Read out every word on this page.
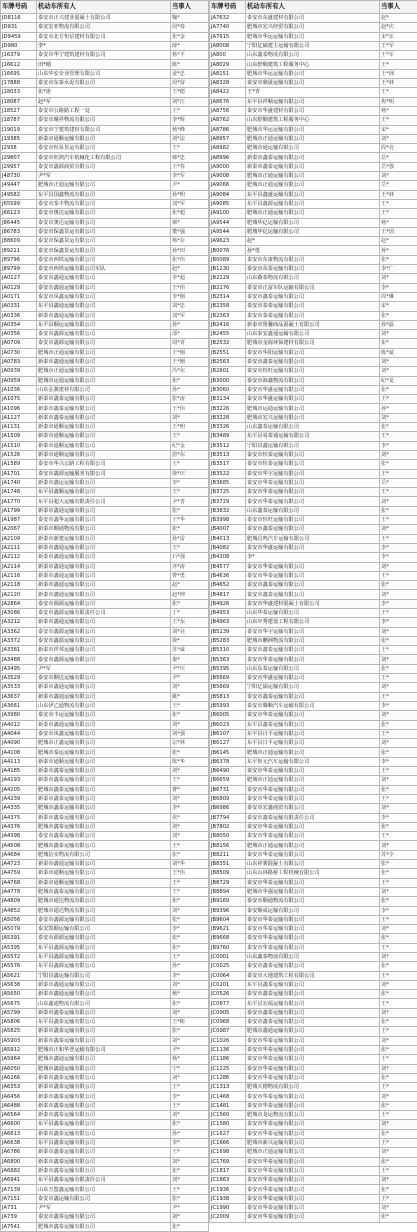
车牌号码	机动车所有人	当事人
JD8116	泰安市正兴建业混凝土有限公司	鞠*
JD931	泰安宏亚物流有限公司	周*春
JD9459	泰安市北方恒信建材有限公司	张*金
JD980	李*	薛*
J16379	泰安市华宁建筑建材有限公司	杨*平
J16612	田*刚	陈*
J16695	山东华安企业管理有限公司	姜*忠
J17888	泰安市东泰水泥有限公司	周*富
J18033	张*涛	王*德
J18087	赵*军	刘*江
J18527	泰安市公路路工程一处	王*
J18787	泰安市聚祥物流有限公司	李*辉
J19019	泰安市宁建筑建材有限公司	杨*峰
J19385	新泰市通顺运输有限公司	刘*法
J2938	泰安市恒易货运有限公司	王*
J29807	泰安市旺鸿汽车机械化工程有限公司	韩*忠
J29957	泰安市鑫源商贸有限公司	王*春
J48730	尹*军	李*军
J49447	肥城市正通运输有限公司	尹*
J49582	东平县国鑫物流有限公司	孙*明
J65599	泰安市泰丰物流有限公司	刘*军
J66123	泰安市奥达运输有限公司	张*超
J86445	泰安市奥达运输有限公司	郝*
J86783	泰安市保鑫货运有限公司	董*强
J88609	泰安市保鑫货运有限公司	杨*存
J89211	泰安市保鑫货运有限公司	孙*田
J89796	泰安市西铁运输有限公司	张*伟
J89799	泰安市西铁运输有限公司车队	赵*
JA0127	泰安市鑫通运输有限公司	李*超
JA0129	泰安市鑫通运输有限公司	王*伟
JA0171	泰安市凤鑫运输有限公司	李*刚
JA0331	东平县鑫通运输有限公司	刘*忠
JA0336	新泰市鑫通运输有限公司	刘*军
JA0354	东平县顺运运输有限公司	孙*
JA0356	泰安市鑫源运输有限公司	邵*
JA0709	泰安市鑫源运输有限公司	周*青
JA0730	肥城市正通运输有限公司	王*刚
JA0783	新泰市鑫通运输有限公司	王*刚
JA0939	肥城市正通运输有限公司	冯*东
JA0959	肥城市运通运输有限公司	张*
JA1036	山东弘翼建材有限公司	孙*
JA1075	新泰市鑫泰运输有限公司	张*涛
JA1096	新泰市鑫泰运输有限公司	王*伟
JA1127	新泰市鑫泰运输有限公司	刘*
JA1131	新泰市通顺运输有限公司	王*明
JA1509	新泰市通顺运输有限公司	王*
JA1510	新泰市通顺运输有限公司	纪*金
JA1526	新泰市通顺运输有限公司	唐*东
JA1589	泰安市华兴公路工程有限公司	王*
JA1701	泰安市鑫源运输服务有限公司	徐*庆
JA1740	新泰市鑫运运输有限公司	李*
JA1748	东平县鑫顺运输有限公司	王*
JA1770	东平县超大运输有限责任公司	尹*青
JA1799	新泰市鑫通运输有限公司	张*
JA1987	泰安市鑫华运输有限公司	王*华
JA2067	新泰市顺通物流有限公司	张*
JA2109	新泰市新建运输有限公司	孙*雷
JA2111	新泰市鑫通运输有限公司	王*
JA2112	新泰市鑫通运输有限公司	石*强
JA2114	新泰市鑫通运输有限公司	齐*涛
JA2116	新泰市鑫通运输有限公司	曹*勇
JA2118	新泰市鑫通运输有限公司	赵*
JA2120	新泰市鑫通运输有限公司	赵*坤
JA2864	泰安市源源运输有限公司	张*
JA3086	泰安市鑫源运输有限责任公司	丁*
JA3212	新泰市鑫通运输有限公司	王*东
JA3362	泰安市鑫源运输有限公司	刘*亮
JA3372	泰安市鑫源运输有限公司	徐*
JA3381	新泰市祥邦运输有限公司	苏*威
JA3488	泰安市鑫源运输有限公司	秦*
JA3495	尹*军	尹*庆
JA3529	泰安市顺达运输有限公司	尹*
JA3533	新泰市鑫通运输有限公司	刘*
JA3637	新泰市鑫通运输有限公司	姚*
JA3661	山东伊乙通物流有限公司	王*
JA3980	泰安市丰运运输有限公司	张*
JA4012	新泰市鑫通运输有限公司	刘*
JA4044	泰安市凤鑫运输有限公司	刘*强
JA4090	肥城市正鑫运输有限公司	宗*林
JA4108	肥城市泰运运输有限公司	张*
JA4113	新泰市通顺运输有限公司	陈*华
JA4185	新泰市鑫泰运输有限公司	刘*
JA4193	新泰市鑫泰运输有限公司	王*
JA4205	肥城市鑫泰运输有限公司	曹*
JA4239	新泰市鑫泰运输有限公司	刘*
JA4335	肥城市鑫泰运输有限公司	李*
JA4375	新泰市鑫泰运输有限公司	侯*
JA4376	肥城市鑫泰运输有限公司	刘*
JA4398	泰安市鑫泰运输有限公司	刘*
JA4508	肥城市鑫泰运输有限公司	王*
JA4684	肥城信实物流有限公司	张*
JA4723	新泰市鑫通运输有限公司	刘*华
JA4759	新泰市通顺运输有限公司	王*伟
JA4768	新泰市通顺运输有限公司	王*
JA4778	肥城市鑫泰运输有限公司	王*
JA4809	肥城市通达物流有限公司	张*
JA4852	肥城市通达物流有限公司	刘*
JA5056	泰安市鑫源运输有限公司	张*
JA5079	泰安凯顺运输有限公司	李*
JA5391	泰安市源源运输有限公司	张*
JA5395	东平县鑫源运输有限公司	张*
JA5572	东平县鑫源运输有限公司	王*
JA5576	东平县鑫源运输有限公司	孙*
JA5621	宁阳县鑫运输有限公司	李*
JA5638	新泰市鑫通运输有限公司	刘*
JA5650	新泰市鑫通运输有限公司	杨*
JA5675	山东鑫通物流有限公司	张*
JA5799	新泰市鑫泰运输有限公司	刘*
JA5806	东平县鑫泰运输有限公司	王*彬
JA5825	新泰市鑫泰运输有限公司	张*
JA5903	新泰市鑫泰运输有限公司	刘*
JA5912	肥城市正和华普运输有限公司	尹*
JA5964	肥城市鑫通运输有限公司	杨*
JA6050	肥城市鑫通运输有限公司	宁*
JA6266	新泰市鑫泰运输有限公司	刘*
JA6353	新泰市鑫泰运输有限公司	王*
JA6456	新泰市鑫泰运输有限公司	李*
JA6488	新泰市鑫泰运输有限公司	王*
JA6564	新泰市鑫泰运输有限公司	刘*
JA6600	东平县鑫泰运输有限公司	张*
JA6613	新泰市鑫泰运输有限公司	孙*
JA6638	东平县鑫泰运输有限公司	李*
JA6786	新泰市鑫泰运输有限公司	王*
JA6800	新泰市鑫泰运输有限公司	刘*
JA6882	新泰市鑫泰运输有限公司	张*
JA6941	东平县鑫泰运输有限责任公司	刘*
JA7139	山东万盟鑫运输有限公司	王*
JA7151	泰安市鑫运输有限公司	张*
JA731	尹*军	尹*
JA739	泰安市鑫泰运输有限公司	刘*
JA7541	肥城市鑫泰运输有限公司	张*
车牌号码	机动车所有人	当事人
JA7632	泰安市东盛建材有限公司	赵*
JA7740	肥城市宏兴经贸有限公司	赵*庆
JA7915	肥城市华运运输有限公司	宋*东
JA8008	宁阳亿硕建主运输有限公司	王*军
JA800	山东鑫泰物流有限公司	王*军
JA8029	山东舒顺建筑工程服务中心	王*
JA8151	肥城市华运运输有限公司	王*洲
JA8328	泰安市鼎晟运输有限公司	王*林
JA8422	王*青	王*
JA8676	东平县祥顺运输有限公司	焦*明
JA8756	泰安市华盛建材有限公司	杨*
JA8762	山东舒顺建筑工程服务中心	王*
JA8786	肥城市华运运输有限公司	宋*
JA8957	肥城市正通运输有限公司	刘*
JA8982	肥城市通运输有限公司	段*亮
JA8996	新泰市鑫泰运输有限公司	岳*
JA9000	新泰市鑫泰运输有限公司	岳*强
JA9008	肥城市正通运输有限公司	刘*
JA9066	肥城市正通运输有限公司	岳*
JA9084	东平县鑫盛运输有限公司	王*林
JA9085	东平县鑫源运输有限公司	王*
JA9100	肥城市正通运输有限公司	王*
JA9544	肥城华亿运输有限公司	杨*
JA9544	肥城华亿运输有限公司	王*国
JA9623	赵*	赵*
JB0076	孙*勇	孙*
JB0089	泰安市东康物流有限公司	张*
JB1230	泰安市东泰运输有限公司	李*广
JB2129	山东森泰物流有限公司	刘*
JB2176	泰安市正富车队运输有限公司	李*
JB2314	泰安市鑫泰运输有限公司	周*琳
JB2358	泰安市泰泰运输有限公司	宋*
JB2363	泰安市泰泰运输有限公司	张*
JB2416	新泰市鲁馨商品混凝土有限公司	孙*磊
JB2455	山东泰安鑫通运输有限公司	刘*
JB2532	肥城市金海环保建材有限公司	崔*
JB2551	泰安市华阳运输有限公司	陈*斌
JB2563	泰安市鑫泰运输有限公司	刘*
JB2601	泰安市恒旺运输有限公司	刘*
JB3000	泰安市海鑫物流有限公司	纪*龙
JB3060	泰安市华盛运输有限公司	张*
JB3134	泰安市华盛运输有限公司	王*
JB3226	肥城市运通运输有限公司	孙*
JB3228	肥城市宏兴运输有限公司	刘*
JB3326	山东鑫泰运输有限公司	张*
JB3489	东平县易泰通运输有限公司	王*
JB3512	宁阳县鑫运输有限公司	李*
JB3513	泰安市恒泰运输有限公司	刘*
JB3517	泰安市恒泰运输有限公司	张*
JB3522	泰安市华宇运输有限公司	王*
JB3685	泰安市华泰运输有限公司	岳*
JB3725	泰安市华泰运输有限公司	王*
JB3729	泰安市华泰运输有限公司	刘*
JB3832	山东鑫泰运输有限公司	张*
JB3998	泰安市恒旺运输有限公司	王*
JB4007	泰安市鑫泰运输有限公司	刘*
JB4013	肥城昌鸣汽车运输有限公司	王*
JB4082	泰安市华盛运输有限公司	李*
JB4308	李*	李*
JB4577	泰安市华泰运输有限公司	刘*
JB4636	泰安市华泰运输有限公司	王*
JB4652	泰安市鑫泰运输有限公司	张*
JB4817	泰安市鑫泰运输有限公司	刘*
JB4926	泰安市华盛建材混凝土有限公司	李*
JB4953	山东华泰运输有限公司	王*
JB4963	山东中秀建设工程有限公司	李*
JB5139	泰安市华宇运输有限公司	刘*
JB5283	肥城市鹏洲物流有限公司	张*
JB5310	泰安市鑫泰运输有限公司	王*
JB5363	泰安市华泰运输有限公司	刘*
JB5395	山东东泰运输有限公司	张*
JB5669	泰安市华盛运输有限公司	王*
JB5669	宁阳亿硕运输有限公司	刘*
JB5813	泰安市鑫泰运输有限公司	王*
JB5993	泰安市腾顺汽车运输有限公司	李*
JB6005	泰安市华泰运输有限公司	刘*
JB6023	东平县鑫泰运输有限公司	张*
JB6107	东平县日平运输有限公司	王*
JB6127	东平县日平运输有限公司	刘*
JB6145	肥城市正通运输有限公司	张*
JB6378	东平矩元汽车运输有限公司	李*
JB6490	泰安市华泰运输有限公司	王*
JB6659	肥城市正通运输有限公司	刘*
JB6731	泰安市华泰运输有限公司	张*
JB6809	泰安市华泰运输有限公司	王*
JB6986	泰安市宏鑫商贸有限公司	刘*
JB7794	泰安市鑫泰运输有限责任公司	李*
JB7802	泰安市华泰运输有限公司	张*
JB8050	泰安市华泰运输有限公司	王*
JB8156	肥城市正通运输有限公司	刘*
JB8211	泰安市华泰运输有限公司	苏*全
JB8351	山东祥骏混凝土有限公司	张*
JB8509	山东山林路桥工程机械有限公司	张*
JB8729	泰安市华泰运输有限公司	王*
JB8894	肥城市华强运输有限公司	刘*
JB9169	泰安市顺通物流有限公司	张*
JB9396	泰安顺成运输有限公司	李*
JB9604	泰安市华泰运输有限公司	王*
JB9621	泰安市华泰运输有限公司	刘*
JB9668	泰安市华泰运输有限公司	张*
JB9760	泰安市华泰运输有限公司	王*
JC0001	山东鑫泰物流有限公司	刘*
JC0025	泰安市鑫泰运输有限公司	张*
JC0064	泰安市大地建筑工程有限公司	王*
JC0201	东平县鑫泰运输有限公司	刘*
JC0526	泰安市鑫泰运输有限公司	张*
JC0877	东平县宏福运输有限公司	王*
JC0905	泰安市鑫泰运输有限公司	刘*
JC0968	泰安市鑫泰运输有限公司	张*
JC0987	肥城市鑫通运输有限公司	王*
JC1026	泰安市华泰运输有限公司	刘*
JC1136	泰安市华泰运输有限公司	张*
JC1186	泰安市华泰运输有限公司	王*
JC1225	泰安市华泰运输有限公司	刘*
JC1286	泰安市华泰运输有限公司	张*
JC1313	肥城天德物流有限公司	王*
JC1468	泰安市华泰运输有限公司	刘*
JC1481	泰安市华泰运输有限公司	张*
JC1560	肥城市龙运物流有限公司	王*
JC1580	泰安市华泰运输有限公司	刘*
JC1627	泰安市华泰运输有限公司	张*
JC1666	肥城市新兴运输有限公司	王*
JC1698	肥城市正通运输有限公司	刘*
JC1769	泰安市华泰运输有限公司	张*
JC1817	泰安市华泰运输有限公司	王*
JC1863	泰安市华泰运输有限公司	刘*
JC1936	泰安市华泰运输有限公司	张*
JC1938	泰安市华泰运输有限公司	王*
JC1990	泰安市华泰运输有限公司	刘*
JC2009	泰安市华泰运输有限公司	张*
